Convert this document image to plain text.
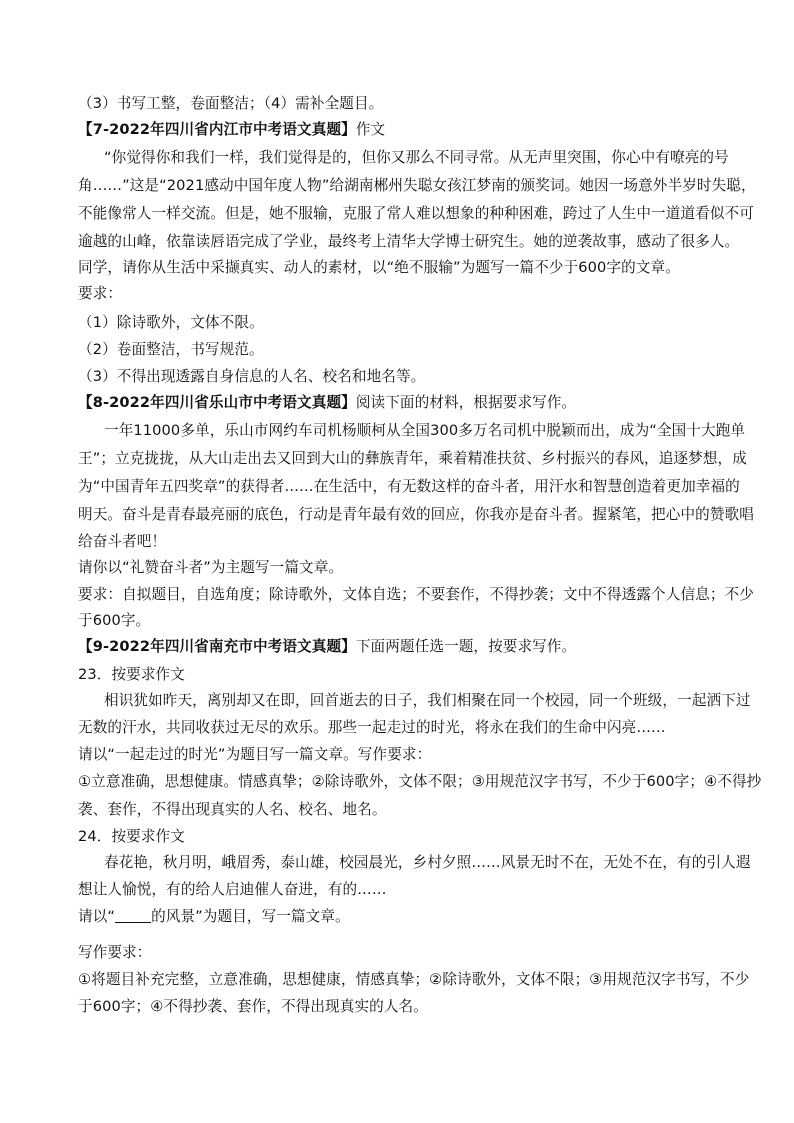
（3）书写工整，卷面整洁；（4）需补全题目。
【7-2022年四川省内江市中考语文真题】作文
“你觉得你和我们一样，我们觉得是的，但你又那么不同寻常。从无声里突围，你心中有嘹亮的号
角……”这是“2021感动中国年度人物”给湖南郴州失聪女孩江梦南的颁奖词。她因一场意外半岁时失聪，
不能像常人一样交流。但是，她不服输，克服了常人难以想象的种种困难，跨过了人生中一道道看似不可
逾越的山峰，依靠读唇语完成了学业，最终考上清华大学博士研究生。她的逆袭故事，感动了很多人。
同学，请你从生活中采撷真实、动人的素材，以“绝不服输”为题写一篇不少于600字的文章。
要求：
（1）除诗歌外，文体不限。
（2）卷面整洁，书写规范。
（3）不得出现透露自身信息的人名、校名和地名等。
【8-2022年四川省乐山市中考语文真题】阅读下面的材料，根据要求写作。
一年11000多单，乐山市网约车司机杨顺柯从全国300多万名司机中脱颖而出，成为“全国十大跑单
王”；立克拢拢，从大山走出去又回到大山的彝族青年，乘着精准扶贫、乡村振兴的春风，追逐梦想，成
为“中国青年五四奖章”的获得者……在生活中，有无数这样的奋斗者，用汗水和智慧创造着更加幸福的
明天。奋斗是青春最亮丽的底色，行动是青年最有效的回应，你我亦是奋斗者。握紧笔，把心中的赞歌唱
给奋斗者吧！
请你以“礼赞奋斗者”为主题写一篇文章。
要求：自拟题目，自选角度；除诗歌外，文体自选；不要套作，不得抄袭；文中不得透露个人信息；不少
于600字。
【9-2022年四川省南充市中考语文真题】下面两题任选一题，按要求写作。
23．按要求作文
相识犹如昨天，离别却又在即，回首逝去的日子，我们相聚在同一个校园，同一个班级，一起洒下过
无数的汗水，共同收获过无尽的欢乐。那些一起走过的时光，将永在我们的生命中闪亮……
请以“一起走过的时光”为题目写一篇文章。写作要求：
①立意准确，思想健康。情感真挚；②除诗歌外，文体不限；③用规范汉字书写，不少于600字；④不得抄
袭、套作，不得出现真实的人名、校名、地名。
24．按要求作文
春花艳，秋月明，峨眉秀，泰山雄，校园晨光，乡村夕照……风景无时不在，无处不在，有的引人遐
想让人愉悦，有的给人启迪催人奋进，有的……
请以“ 的风景”为题目，写一篇文章。
写作要求：
①将题目补充完整，立意准确，思想健康，情感真挚；②除诗歌外，文体不限；③用规范汉字书写，不少
于600字；④不得抄袭、套作，不得出现真实的人名。
